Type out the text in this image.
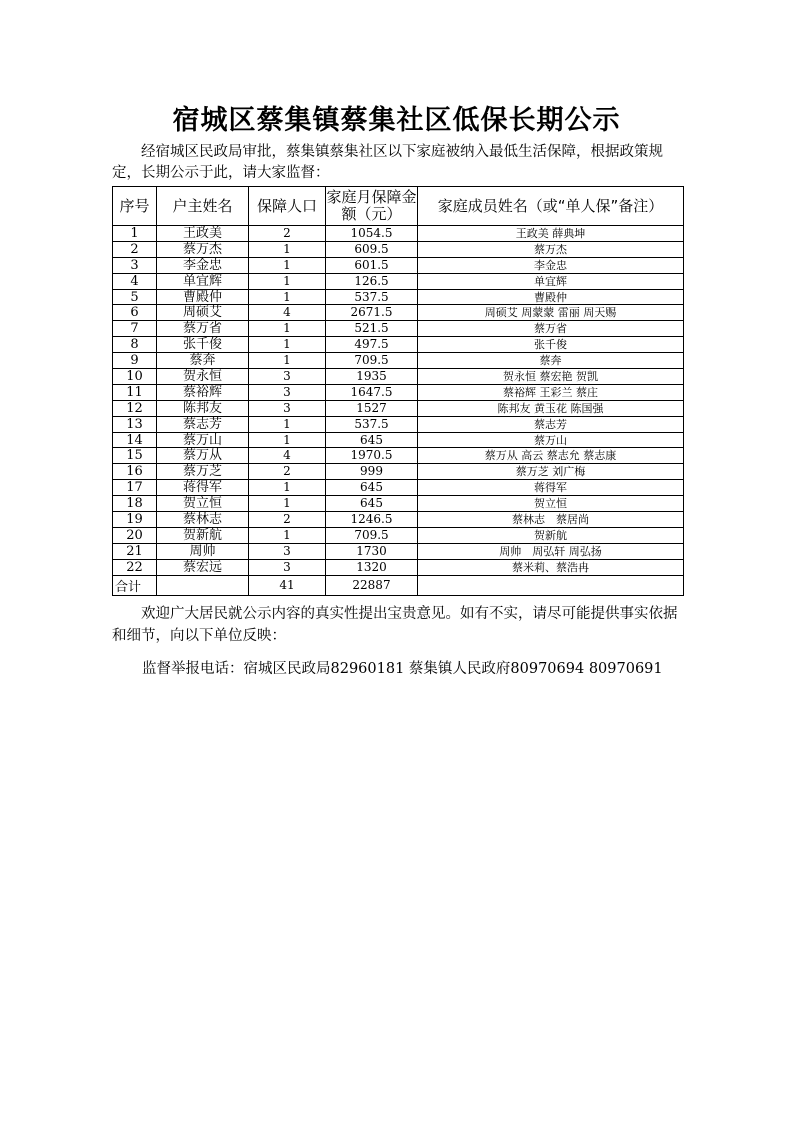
宿城区蔡集镇蔡集社区低保长期公示
经宿城区民政局审批，蔡集镇蔡集社区以下家庭被纳入最低生活保障，根据政策规定，长期公示于此，请大家监督：
序号	户主姓名	保障人口	家庭月保障金额（元）	家庭成员姓名（或“单人保”备注）
1	王政美	2	1054.5	王政美 薛典坤
2	蔡万杰	1	609.5	蔡万杰
3	李金忠	1	601.5	李金忠
4	单宜辉	1	126.5	单宜辉
5	曹殿仲	1	537.5	曹殿仲
6	周硕艾	4	2671.5	周硕艾 周蒙蒙 雷丽 周天赐
7	蔡万省	1	521.5	蔡万省
8	张千俊	1	497.5	张千俊
9	蔡奔	1	709.5	蔡奔
10	贺永恒	3	1935	贺永恒 蔡宏艳 贺凯
11	蔡裕辉	3	1647.5	蔡裕辉 王彩兰 蔡庄
12	陈邦友	3	1527	陈邦友 黄玉花 陈国强
13	蔡志芳	1	537.5	蔡志芳
14	蔡万山	1	645	蔡万山
15	蔡万从	4	1970.5	蔡万从 高云 蔡志允 蔡志康
16	蔡万芝	2	999	蔡万芝 刘广梅
17	蒋得军	1	645	蒋得军
18	贺立恒	1	645	贺立恒
19	蔡林志	2	1246.5	蔡林志　蔡居尚
20	贺新航	1	709.5	贺新航
21	周帅	3	1730	周帅　周弘轩 周弘扬
22	蔡宏远	3	1320	蔡米莉、蔡浩冉
合计		41	22887	
欢迎广大居民就公示内容的真实性提出宝贵意见。如有不实，请尽可能提供事实依据和细节，向以下单位反映：
监督举报电话：宿城区民政局82960181 蔡集镇人民政府80970694 80970691
